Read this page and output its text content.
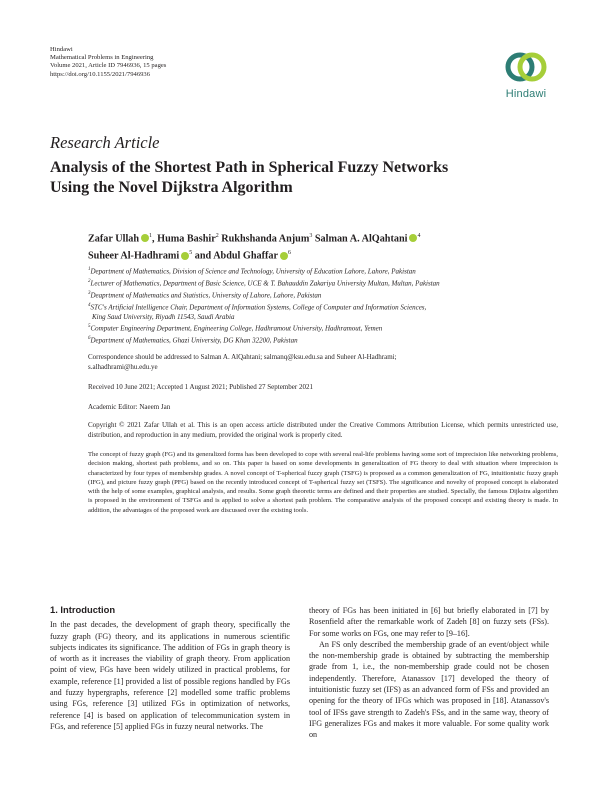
Hindawi
Mathematical Problems in Engineering
Volume 2021, Article ID 7946936, 15 pages
https://doi.org/10.1155/2021/7946936
Hindawi
Research Article
Analysis of the Shortest Path in Spherical Fuzzy Networks
Using the Novel Dijkstra Algorithm
Zafar Ullah $^1$, Huma Bashir$^2$ Rukhshanda Anjum$^3$ Salman A. AlQahtani $^4$
Suheer Al-Hadhrami $^5$ and Abdul Ghaffar $^6$
$^1$Department of Mathematics, Division of Science and Technology, University of Education Lahore, Lahore, Pakistan
$^2$Lecturer of Mathematics, Department of Basic Science, UCE & T. Bahauddin Zakariya University Multan, Multan, Pakistan
$^3$Deaprtment of Mathematics and Statistics, University of Lahore, Lahore, Pakistan
$^4$STC's Artificial Intelligence Chair, Department of Information Systems, College of Computer and Information Sciences,
King Saud University, Riyadh 11543, Saudi Arabia
$^5$Computer Engineering Department, Engineering College, Hadhramout University, Hadhramout, Yemen
$^6$Department of Mathematics, Ghazi University, DG Khan 32200, Pakistan
Correspondence should be addressed to Salman A. AlQahtani; salmanq@ksu.edu.sa and Suheer Al-Hadhrami;
s.alhadhrami@hu.edu.ye
Received 10 June 2021; Accepted 1 August 2021; Published 27 September 2021
Academic Editor: Naeem Jan
Copyright © 2021 Zafar Ullah et al. This is an open access article distributed under the Creative Commons Attribution License, which permits unrestricted use, distribution, and reproduction in any medium, provided the original work is properly cited.
The concept of fuzzy graph (FG) and its generalized forms has been developed to cope with several real-life problems having some sort of imprecision like networking problems, decision making, shortest path problems, and so on. This paper is based on some developments in generalization of FG theory to deal with situation where imprecision is characterized by four types of membership grades. A novel concept of T-spherical fuzzy graph (TSFG) is proposed as a common generalization of FG, intuitionistic fuzzy graph (IFG), and picture fuzzy graph (PFG) based on the recently introduced concept of T-spherical fuzzy set (TSFS). The significance and novelty of proposed concept is elaborated with the help of some examples, graphical analysis, and results. Some graph theoretic terms are defined and their properties are studied. Specially, the famous Dijkstra algorithm is proposed in the environment of TSFGs and is applied to solve a shortest path problem. The comparative analysis of the proposed concept and existing theory is made. In addition, the advantages of the proposed work are discussed over the existing tools.
1. Introduction

In the past decades, the development of graph theory, specifically the fuzzy graph (FG) theory, and its applications in numerous scientific subjects indicates its significance. The addition of FGs in graph theory is of worth as it increases the viability of graph theory. From application point of view, FGs have been widely utilized in practical problems, for example, reference [1] provided a list of possible regions handled by FGs and fuzzy hypergraphs, reference [2] modelled some traffic problems using FGs, reference [3] utilized FGs in optimization of networks, reference [4] is based on application of telecommunication system in FGs, and reference [5] applied FGs in fuzzy neural networks. The

theory of FGs has been initiated in [6] but briefly elaborated in [7] by Rosenfield after the remarkable work of Zadeh [8] on fuzzy sets (FSs). For some works on FGs, one may refer to [9–16].

An FS only described the membership grade of an event/object while the non-membership grade is obtained by subtracting the membership grade from 1, i.e., the non-membership grade could not be chosen independently. Therefore, Atanassov [17] developed the theory of intuitionistic fuzzy set (IFS) as an advanced form of FSs and provided an opening for the theory of IFGs which was proposed in [18]. Atanassov's tool of IFSs gave strength to Zadeh's FSs, and in the same way, theory of IFG generalizes FGs and makes it more valuable. For some quality work on
